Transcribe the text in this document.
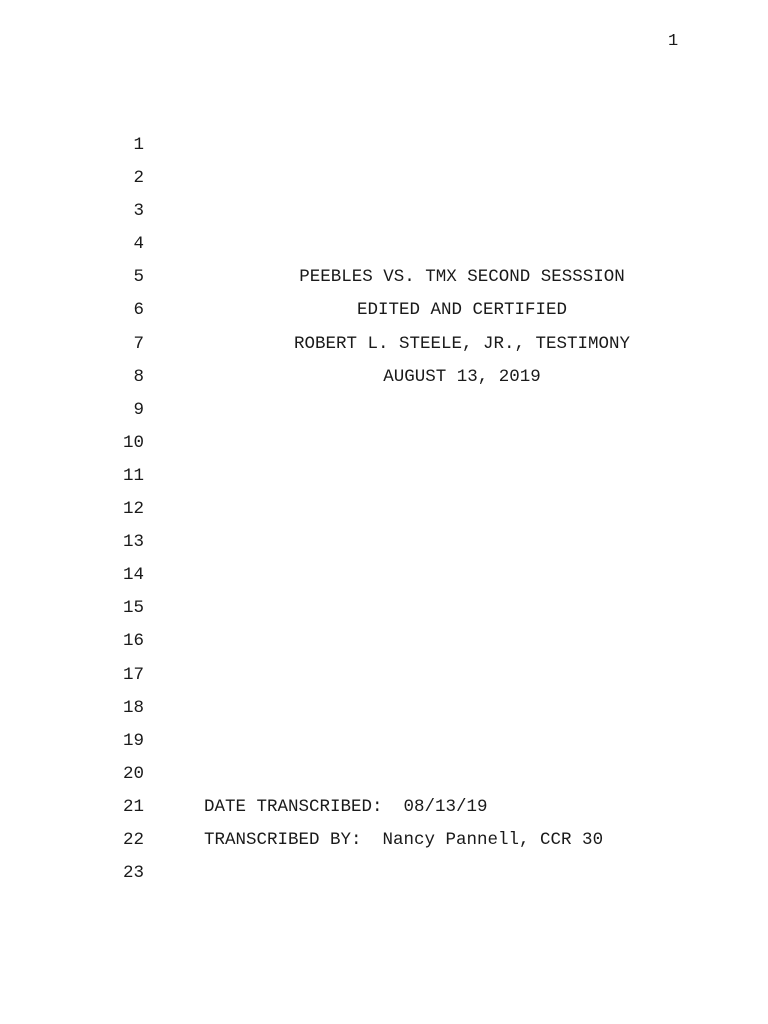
1
1
2
3
4
5	PEEBLES VS. TMX SECOND SESSSION
6	EDITED AND CERTIFIED
7	ROBERT L. STEELE, JR., TESTIMONY
8	AUGUST 13, 2019
9
10
11
12
13
14
15
16
17
18
19
20
21	DATE TRANSCRIBED:  08/13/19
22	TRANSCRIBED BY:  Nancy Pannell, CCR 30
23
